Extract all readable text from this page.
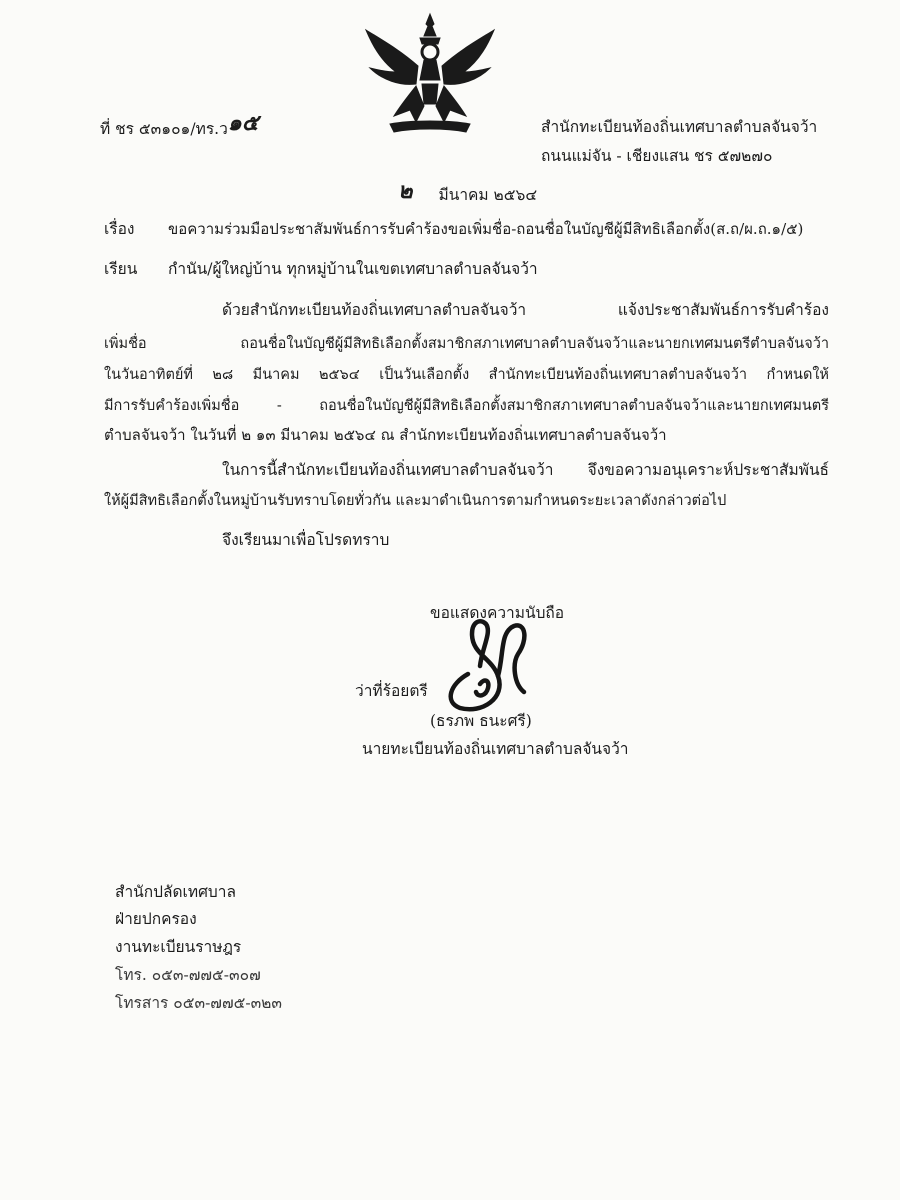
ที่ ชร ๕๓๑๐๑/ทร.ว๑๕	สำนักทะเบียนท้องถิ่นเทศบาลตำบลจันจว้า
ถนนแม่จัน - เชียงแสน ชร ๕๗๒๗๐
๒ มีนาคม ๒๕๖๔
เรื่อง ขอความร่วมมือประชาสัมพันธ์การรับคำร้องขอเพิ่มชื่อ-ถอนชื่อในบัญชีผู้มีสิทธิเลือกตั้ง(ส.ถ/ผ.ถ.๑/๕)
เรียน กำนัน/ผู้ใหญ่บ้าน ทุกหมู่บ้านในเขตเทศบาลตำบลจันจว้า
ด้วยสำนักทะเบียนท้องถิ่นเทศบาลตำบลจันจว้า แจ้งประชาสัมพันธ์การรับคำร้อง
เพิ่มชื่อ ถอนชื่อในบัญชีผู้มีสิทธิเลือกตั้งสมาชิกสภาเทศบาลตำบลจันจว้าและนายกเทศมนตรีตำบลจันจว้า
ในวันอาทิตย์ที่ ๒๘ มีนาคม ๒๕๖๔ เป็นวันเลือกตั้ง สำนักทะเบียนท้องถิ่นเทศบาลตำบลจันจว้า กำหนดให้
มีการรับคำร้องเพิ่มชื่อ - ถอนชื่อในบัญชีผู้มีสิทธิเลือกตั้งสมาชิกสภาเทศบาลตำบลจันจว้าและนายกเทศมนตรี
ตำบลจันจว้า ในวันที่ ๒ ๑๓ มีนาคม ๒๕๖๔ ณ สำนักทะเบียนท้องถิ่นเทศบาลตำบลจันจว้า
ในการนี้สำนักทะเบียนท้องถิ่นเทศบาลตำบลจันจว้า จึงขอความอนุเคราะห์ประชาสัมพันธ์
ให้ผู้มีสิทธิเลือกตั้งในหมู่บ้านรับทราบโดยทั่วกัน และมาดำเนินการตามกำหนดระยะเวลาดังกล่าวต่อไป
จึงเรียนมาเพื่อโปรดทราบ
ขอแสดงความนับถือ
ว่าที่ร้อยตรี
(ธรภพ ธนะศรี)
นายทะเบียนท้องถิ่นเทศบาลตำบลจันจว้า
สำนักปลัดเทศบาล
ฝ่ายปกครอง
งานทะเบียนราษฎร
โทร. ๐๕๓-๗๗๕-๓๐๗
โทรสาร ๐๕๓-๗๗๕-๓๒๓
